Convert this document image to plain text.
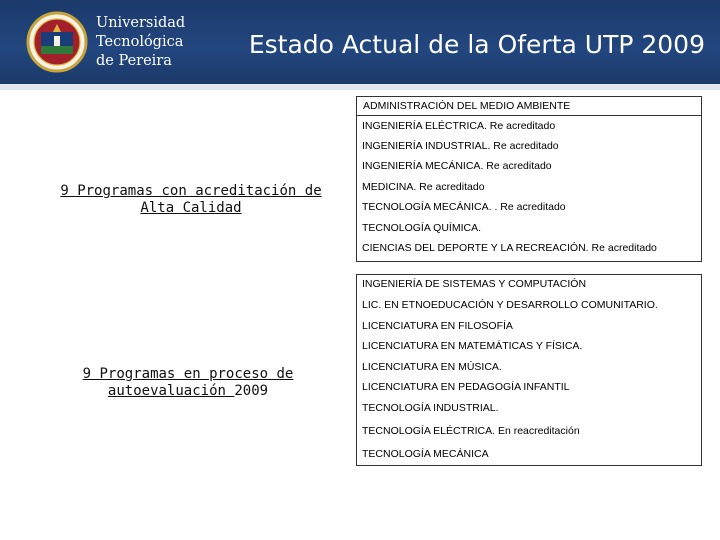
Universidad
Tecnológica
de Pereira
Estado Actual de la Oferta UTP 2009
9 Programas con acreditación de Alta Calidad
ADMINISTRACIÓN DEL MEDIO AMBIENTE
INGENIERÍA ELÉCTRICA. Re acreditado
INGENIERÍA INDUSTRIAL. Re acreditado
INGENIERÍA MECÁNICA. Re acreditado
MEDICINA. Re acreditado
TECNOLOGÍA MECÁNICA. . Re acreditado
TECNOLOGÍA QUÍMICA.
CIENCIAS DEL DEPORTE Y LA RECREACIÓN. Re acreditado
9 Programas en proceso de
autoevaluación 2009
INGENIERÍA DE SISTEMAS Y COMPUTACIÓN
LIC. EN ETNOEDUCACIÓN Y DESARROLLO COMUNITARIO.
LICENCIATURA EN FILOSOFÍA
LICENCIATURA EN MATEMÁTICAS Y FÍSICA.
LICENCIATURA EN MÚSICA.
LICENCIATURA EN PEDAGOGÍA INFANTIL
TECNOLOGÍA INDUSTRIAL.
TECNOLOGÍA ELÉCTRICA. En reacreditación
TECNOLOGÍA MECÁNICA
